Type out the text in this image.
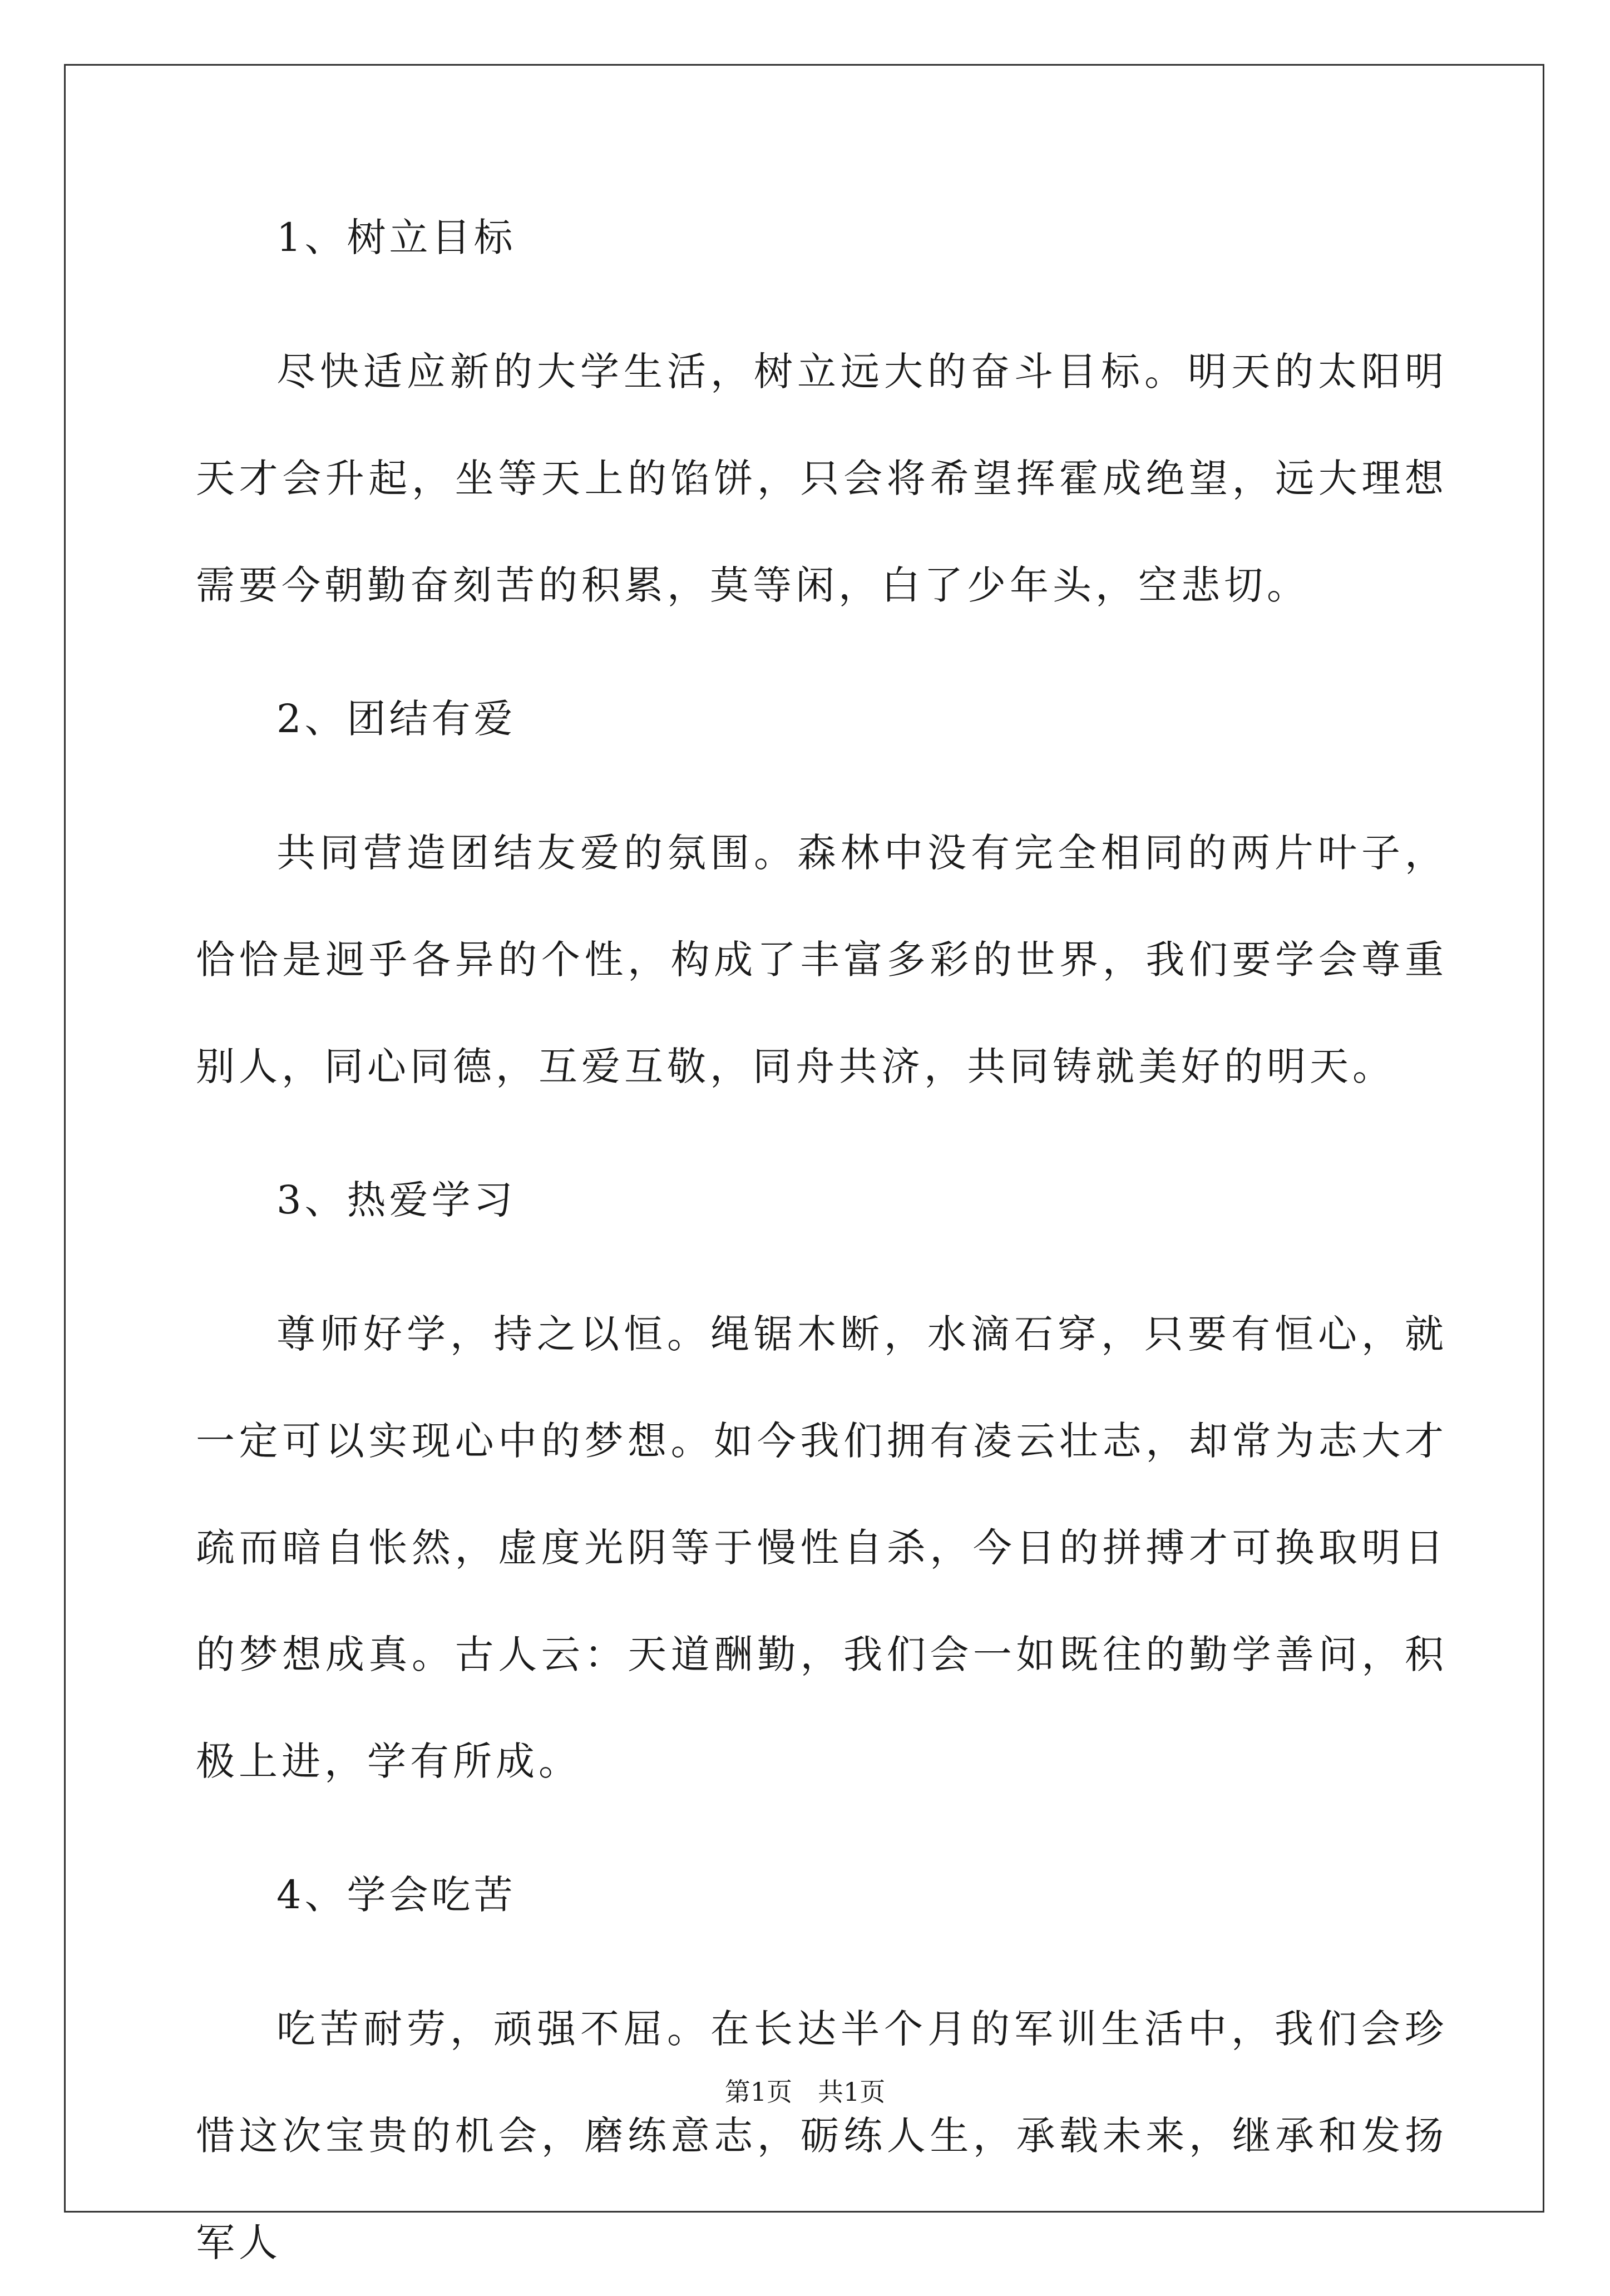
1、树立目标

尽快适应新的大学生活，树立远大的奋斗目标。明天的太阳明天才会升起，坐等天上的馅饼，只会将希望挥霍成绝望，远大理想需要今朝勤奋刻苦的积累，莫等闲，白了少年头，空悲切。

2、团结有爱

共同营造团结友爱的氛围。森林中没有完全相同的两片叶子，恰恰是迥乎各异的个性，构成了丰富多彩的世界，我们要学会尊重别人，同心同德，互爱互敬，同舟共济，共同铸就美好的明天。

3、热爱学习

尊师好学，持之以恒。绳锯木断，水滴石穿，只要有恒心，就一定可以实现心中的梦想。如今我们拥有凌云壮志，却常为志大才疏而暗自怅然，虚度光阴等于慢性自杀，今日的拼搏才可换取明日的梦想成真。古人云：天道酬勤，我们会一如既往的勤学善问，积极上进，学有所成。

4、学会吃苦

吃苦耐劳，顽强不屈。在长达半个月的军训生活中，我们会珍惜这次宝贵的机会，磨练意志，砺练人生，承载未来，继承和发扬军人

第1页　共1页
